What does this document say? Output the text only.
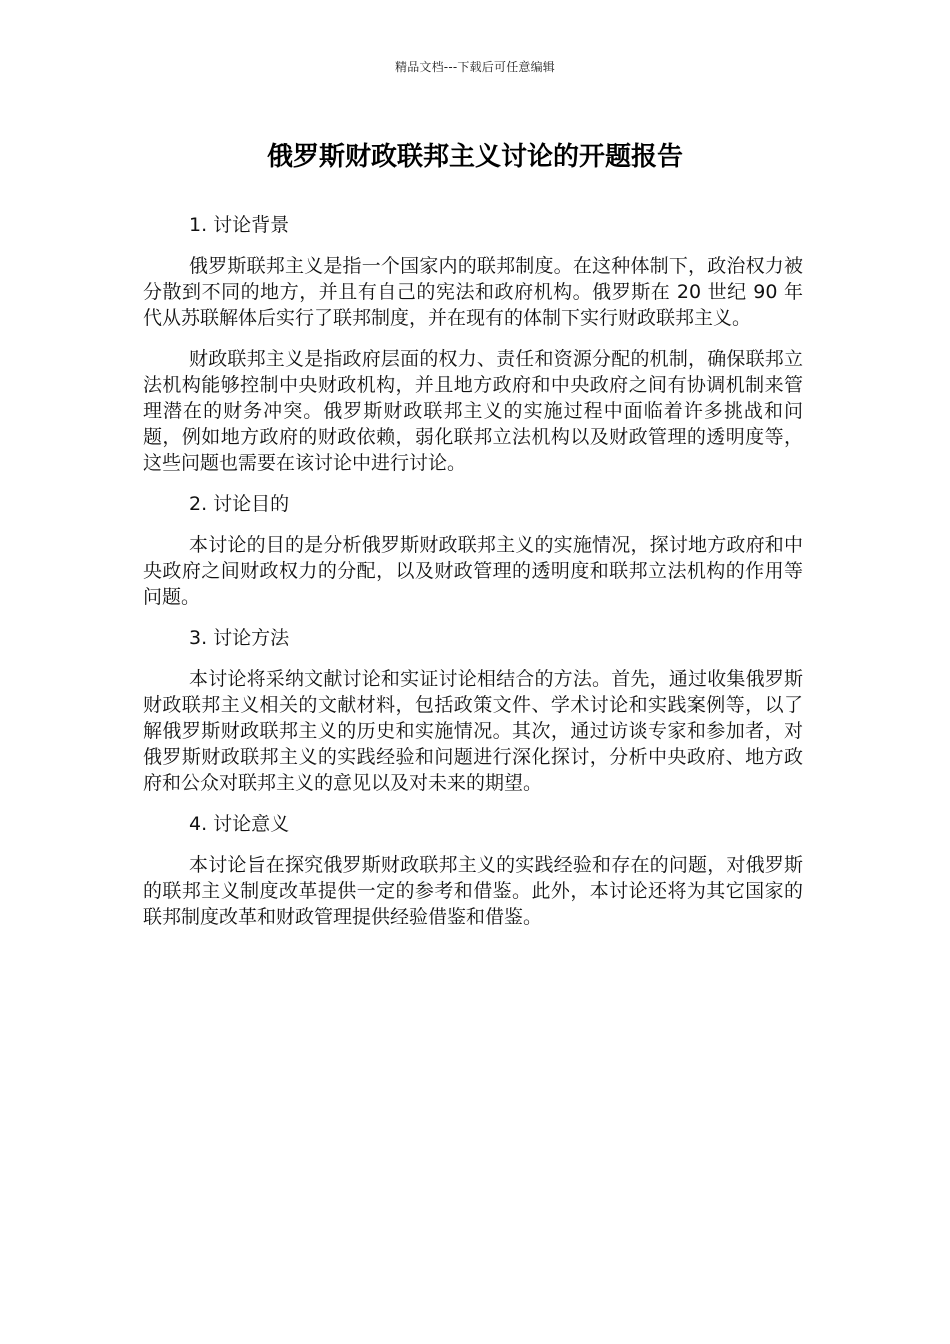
精品文档---下载后可任意编辑
俄罗斯财政联邦主义讨论的开题报告

1. 讨论背景

俄罗斯联邦主义是指一个国家内的联邦制度。在这种体制下，政治权力被分散到不同的地方，并且有自己的宪法和政府机构。俄罗斯在 20 世纪 90 年代从苏联解体后实行了联邦制度，并在现有的体制下实行财政联邦主义。

财政联邦主义是指政府层面的权力、责任和资源分配的机制，确保联邦立法机构能够控制中央财政机构，并且地方政府和中央政府之间有协调机制来管理潜在的财务冲突。俄罗斯财政联邦主义的实施过程中面临着许多挑战和问题，例如地方政府的财政依赖，弱化联邦立法机构以及财政管理的透明度等，这些问题也需要在该讨论中进行讨论。

2. 讨论目的

本讨论的目的是分析俄罗斯财政联邦主义的实施情况，探讨地方政府和中央政府之间财政权力的分配，以及财政管理的透明度和联邦立法机构的作用等问题。

3. 讨论方法

本讨论将采纳文献讨论和实证讨论相结合的方法。首先，通过收集俄罗斯财政联邦主义相关的文献材料，包括政策文件、学术讨论和实践案例等，以了解俄罗斯财政联邦主义的历史和实施情况。其次，通过访谈专家和参加者，对俄罗斯财政联邦主义的实践经验和问题进行深化探讨，分析中央政府、地方政府和公众对联邦主义的意见以及对未来的期望。

4. 讨论意义

本讨论旨在探究俄罗斯财政联邦主义的实践经验和存在的问题，对俄罗斯的联邦主义制度改革提供一定的参考和借鉴。此外，本讨论还将为其它国家的联邦制度改革和财政管理提供经验借鉴和借鉴。
